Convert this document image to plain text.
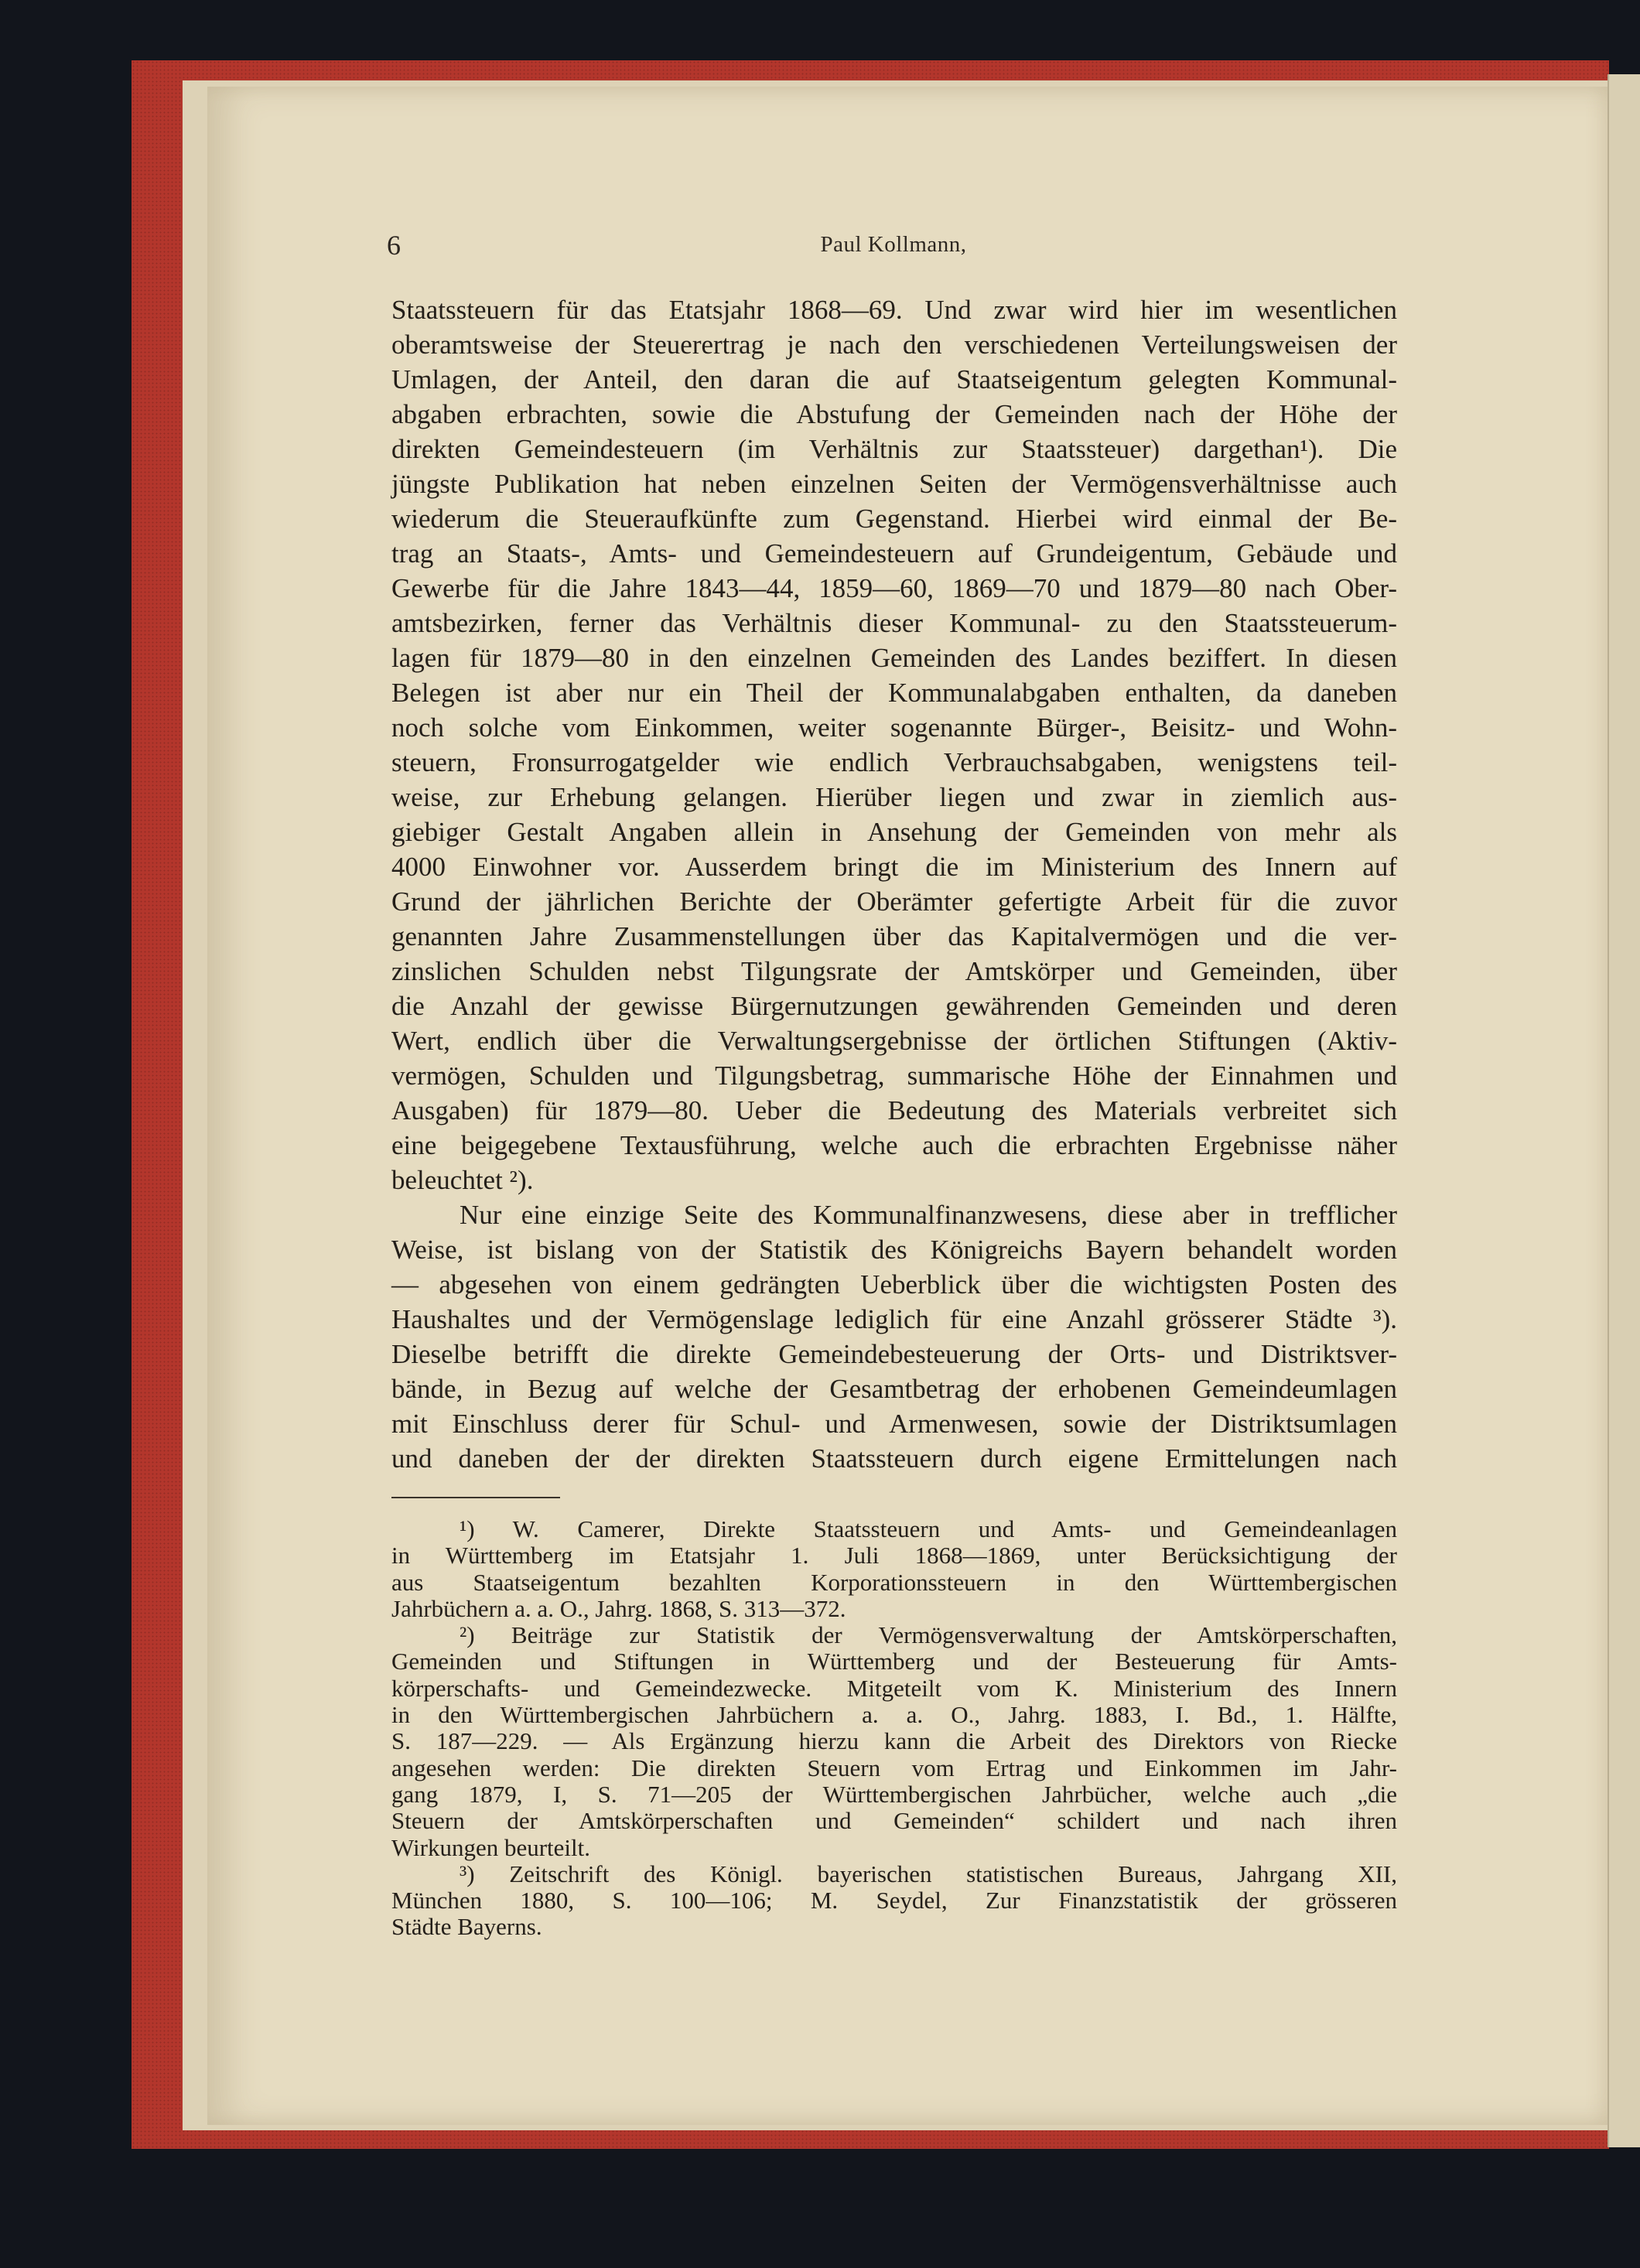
6	Paul Kollmann,
Staatssteuern für das Etatsjahr 1868—69. Und zwar wird hier im wesentlichen
oberamtsweise der Steuerertrag je nach den verschiedenen Verteilungsweisen der
Umlagen, der Anteil, den daran die auf Staatseigentum gelegten Kommunal-
abgaben erbrachten, sowie die Abstufung der Gemeinden nach der Höhe der
direkten Gemeindesteuern (im Verhältnis zur Staatssteuer) dargethan¹). Die
jüngste Publikation hat neben einzelnen Seiten der Vermögensverhältnisse auch
wiederum die Steueraufkünfte zum Gegenstand. Hierbei wird einmal der Be-
trag an Staats-, Amts- und Gemeindesteuern auf Grundeigentum, Gebäude und
Gewerbe für die Jahre 1843—44, 1859—60, 1869—70 und 1879—80 nach Ober-
amtsbezirken, ferner das Verhältnis dieser Kommunal- zu den Staatssteuerum-
lagen für 1879—80 in den einzelnen Gemeinden des Landes beziffert. In diesen
Belegen ist aber nur ein Theil der Kommunalabgaben enthalten, da daneben
noch solche vom Einkommen, weiter sogenannte Bürger-, Beisitz- und Wohn-
steuern, Fronsurrogatgelder wie endlich Verbrauchsabgaben, wenigstens teil-
weise, zur Erhebung gelangen. Hierüber liegen und zwar in ziemlich aus-
giebiger Gestalt Angaben allein in Ansehung der Gemeinden von mehr als
4000 Einwohner vor. Ausserdem bringt die im Ministerium des Innern auf
Grund der jährlichen Berichte der Oberämter gefertigte Arbeit für die zuvor
genannten Jahre Zusammenstellungen über das Kapitalvermögen und die ver-
zinslichen Schulden nebst Tilgungsrate der Amtskörper und Gemeinden, über
die Anzahl der gewisse Bürgernutzungen gewährenden Gemeinden und deren
Wert, endlich über die Verwaltungsergebnisse der örtlichen Stiftungen (Aktiv-
vermögen, Schulden und Tilgungsbetrag, summarische Höhe der Einnahmen und
Ausgaben) für 1879—80. Ueber die Bedeutung des Materials verbreitet sich
eine beigegebene Textausführung, welche auch die erbrachten Ergebnisse näher
beleuchtet ²).
Nur eine einzige Seite des Kommunalfinanzwesens, diese aber in trefflicher
Weise, ist bislang von der Statistik des Königreichs Bayern behandelt worden
— abgesehen von einem gedrängten Ueberblick über die wichtigsten Posten des
Haushaltes und der Vermögenslage lediglich für eine Anzahl grösserer Städte ³).
Dieselbe betrifft die direkte Gemeindebesteuerung der Orts- und Distriktsver-
bände, in Bezug auf welche der Gesamtbetrag der erhobenen Gemeindeumlagen
mit Einschluss derer für Schul- und Armenwesen, sowie der Distriktsumlagen
und daneben der der direkten Staatssteuern durch eigene Ermittelungen nach
¹) W. Camerer, Direkte Staatssteuern und Amts- und Gemeindeanlagen
in Württemberg im Etatsjahr 1. Juli 1868—1869, unter Berücksichtigung der
aus Staatseigentum bezahlten Korporationssteuern in den Württembergischen
Jahrbüchern a. a. O., Jahrg. 1868, S. 313—372.
²) Beiträge zur Statistik der Vermögensverwaltung der Amtskörperschaften,
Gemeinden und Stiftungen in Württemberg und der Besteuerung für Amts-
körperschafts- und Gemeindezwecke. Mitgeteilt vom K. Ministerium des Innern
in den Württembergischen Jahrbüchern a. a. O., Jahrg. 1883, I. Bd., 1. Hälfte,
S. 187—229. — Als Ergänzung hierzu kann die Arbeit des Direktors von Riecke
angesehen werden: Die direkten Steuern vom Ertrag und Einkommen im Jahr-
gang 1879, I, S. 71—205 der Württembergischen Jahrbücher, welche auch „die
Steuern der Amtskörperschaften und Gemeinden“ schildert und nach ihren
Wirkungen beurteilt.
³) Zeitschrift des Königl. bayerischen statistischen Bureaus, Jahrgang XII,
München 1880, S. 100—106; M. Seydel, Zur Finanzstatistik der grösseren
Städte Bayerns.
